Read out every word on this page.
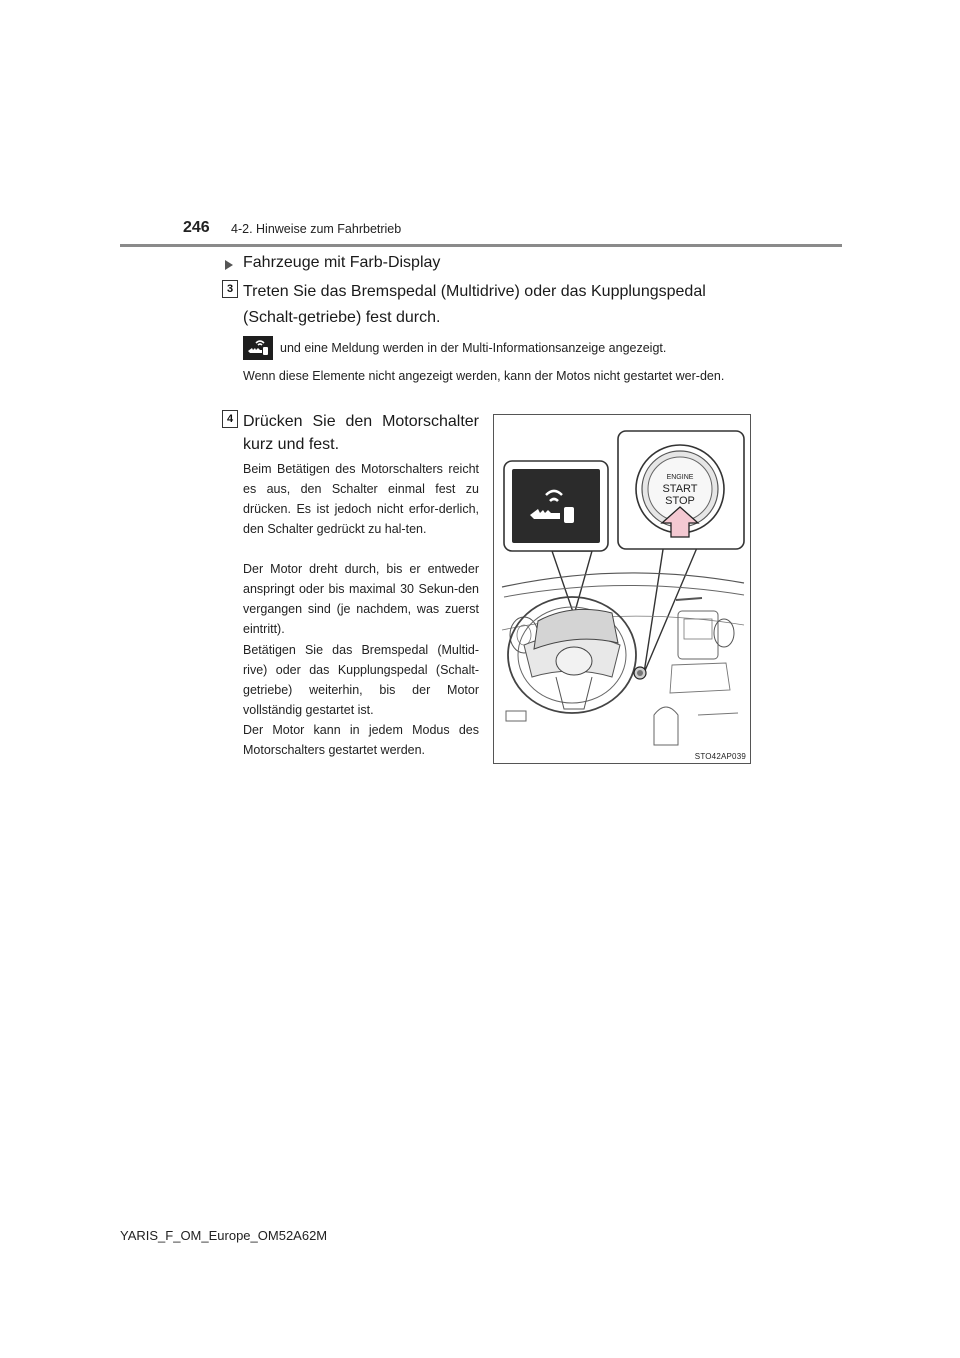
246 4-2. Hinweise zum Fahrbetrieb
Fahrzeuge mit Farb-Display
3 Treten Sie das Bremspedal (Multidrive) oder das Kupplungspedal (Schalt-getriebe) fest durch.
und eine Meldung werden in der Multi-Informationsanzeige angezeigt.
Wenn diese Elemente nicht angezeigt werden, kann der Motos nicht gestartet wer-den.
4 Drücken Sie den Motorschalter kurz und fest.

Beim Betätigen des Motorschalters reicht es aus, den Schalter einmal fest zu drücken. Es ist jedoch nicht erfor-derlich, den Schalter gedrückt zu hal-ten.

Der Motor dreht durch, bis er entweder anspringt oder bis maximal 30 Sekun-den vergangen sind (je nachdem, was zuerst eintritt).

Betätigen Sie das Bremspedal (Multid-rive) oder das Kupplungspedal (Schalt-getriebe) weiterhin, bis der Motor vollständig gestartet ist.

Der Motor kann in jedem Modus des Motorschalters gestartet werden.

ENGINE
START
STOP
STO42AP039
YARIS_F_OM_Europe_OM52A62M
